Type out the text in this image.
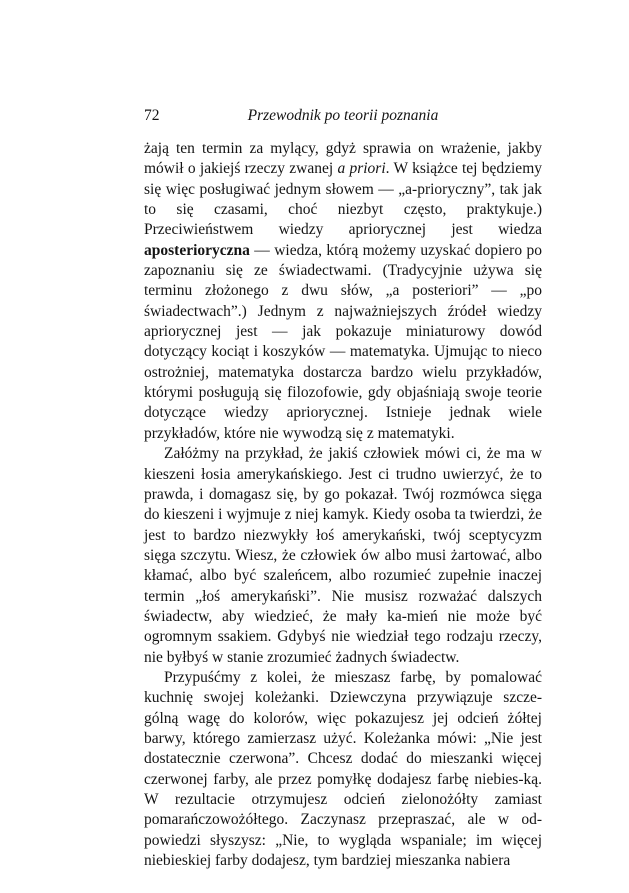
72	Przewodnik po teorii poznania

żają ten termin za mylący, gdyż sprawia on wrażenie, jakby mówił o jakiejś rzeczy zwanej a priori. W książce tej będziemy się więc posługiwać jednym słowem — „a-prioryczny”, tak jak to się czasami, choć niezbyt często, praktykuje.) Przeciwieństwem wiedzy apriorycznej jest wiedza aposterioryczna — wiedza, którą możemy uzyskać dopiero po zapoznaniu się ze świadectwami. (Tradycyjnie używa się terminu złożonego z dwu słów, „a posteriori” — „po świadectwach”.) Jednym z najważniejszych źródeł wiedzy apriorycznej jest — jak pokazuje miniaturowy dowód dotyczący kociąt i koszyków — matematyka. Ujmując to nieco ostrożniej, matematyka dostarcza bardzo wielu przykładów, którymi posługują się filozofowie, gdy objaśniają swoje teorie dotyczące wiedzy apriorycznej. Istnieje jednak wiele przykładów, które nie wywodzą się z matematyki.

Załóżmy na przykład, że jakiś człowiek mówi ci, że ma w kieszeni łosia amerykańskiego. Jest ci trudno uwierzyć, że to prawda, i domagasz się, by go pokazał. Twój rozmówca sięga do kieszeni i wyjmuje z niej kamyk. Kiedy osoba ta twierdzi, że jest to bardzo niezwykły łoś amerykański, twój sceptycyzm sięga szczytu. Wiesz, że człowiek ów albo musi żartować, albo kłamać, albo być szaleńcem, albo rozumieć zupełnie inaczej termin „łoś amerykański”. Nie musisz rozważać dalszych świadectw, aby wiedzieć, że mały ka-mień nie może być ogromnym ssakiem. Gdybyś nie wiedział tego rodzaju rzeczy, nie byłbyś w stanie zrozumieć żadnych świadectw.

Przypuśćmy z kolei, że mieszasz farbę, by pomalować kuchnię swojej koleżanki. Dziewczyna przywiązuje szcze-gólną wagę do kolorów, więc pokazujesz jej odcień żółtej barwy, którego zamierzasz użyć. Koleżanka mówi: „Nie jest dostatecznie czerwona”. Chcesz dodać do mieszanki więcej czerwonej farby, ale przez pomyłkę dodajesz farbę niebies-ką. W rezultacie otrzymujesz odcień zielonożółty zamiast pomarańczowożółtego. Zaczynasz przepraszać, ale w od-powiedzi słyszysz: „Nie, to wygląda wspaniale; im więcej niebieskiej farby dodajesz, tym bardziej mieszanka nabiera
